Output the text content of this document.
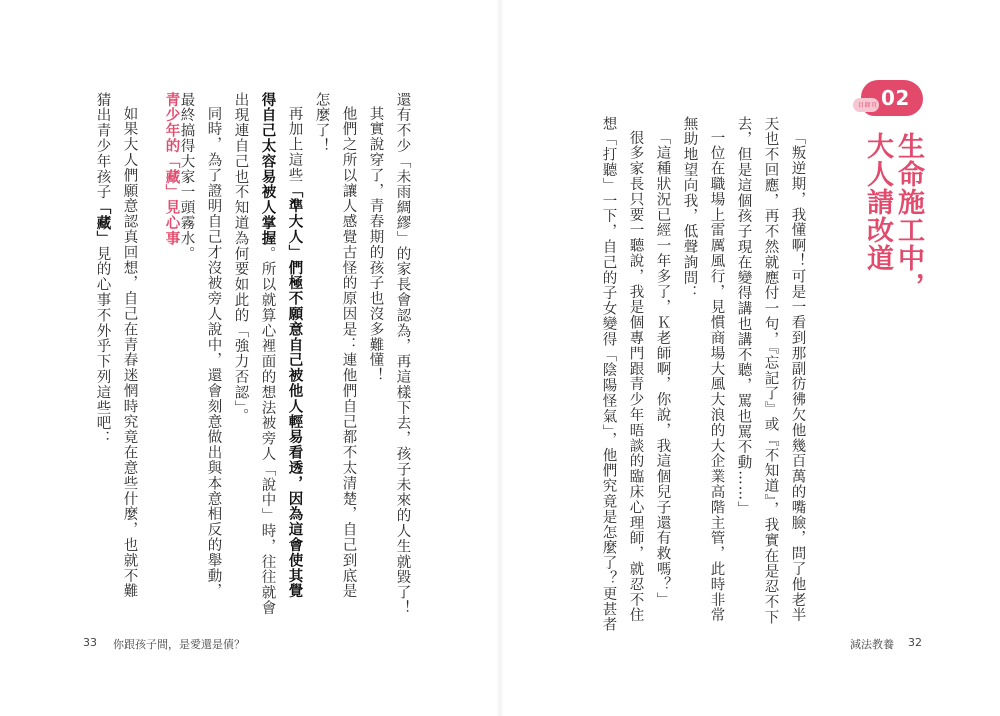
目錄頁 02
生命施工中，
大人請改道
「叛逆期，我懂啊！可是一看到那副彷彿欠他幾百萬的嘴臉，問了他老半
天也不回應，再不然就應付一句，『忘記了』或『不知道』，我實在是忍不下
去，但是這個孩子現在變得講也講不聽，罵也罵不動……」
一位在職場上雷厲風行，見慣商場大風大浪的大企業高階主管，此時非常
無助地望向我，低聲詢問：
「這種狀況已經一年多了，Ｋ老師啊，你說，我這個兒子還有救嗎？」
很多家長只要一聽說，我是個專門跟青少年晤談的臨床心理師，就忍不住
想「打聽」一下，自己的子女變得「陰陽怪氣」，他們究竟是怎麼了？更甚者
還有不少「未雨綢繆」的家長會認為，再這樣下去，孩子未來的人生就毀了！
其實說穿了，青春期的孩子也沒多難懂！
他們之所以讓人感覺古怪的原因是：連他們自己都不太清楚，自己到底是
怎麼了！
再加上這些「準大人」們極不願意自己被他人輕易看透，因為這會使其覺
得自己太容易被人掌握。所以就算心裡面的想法被旁人「說中」時，往往就會
出現連自己也不知道為何要如此的「強力否認」。
同時，為了證明自己才沒被旁人說中，還會刻意做出與本意相反的舉動，
最終搞得大家一頭霧水。
青少年的「藏」見心事
如果大人們願意認真回想，自己在青春迷惘時究竟在意些什麼，也就不難
猜出青少年孩子「藏」見的心事不外乎下列這些吧：
33 你跟孩子間，是愛還是債？	減法教養 32
